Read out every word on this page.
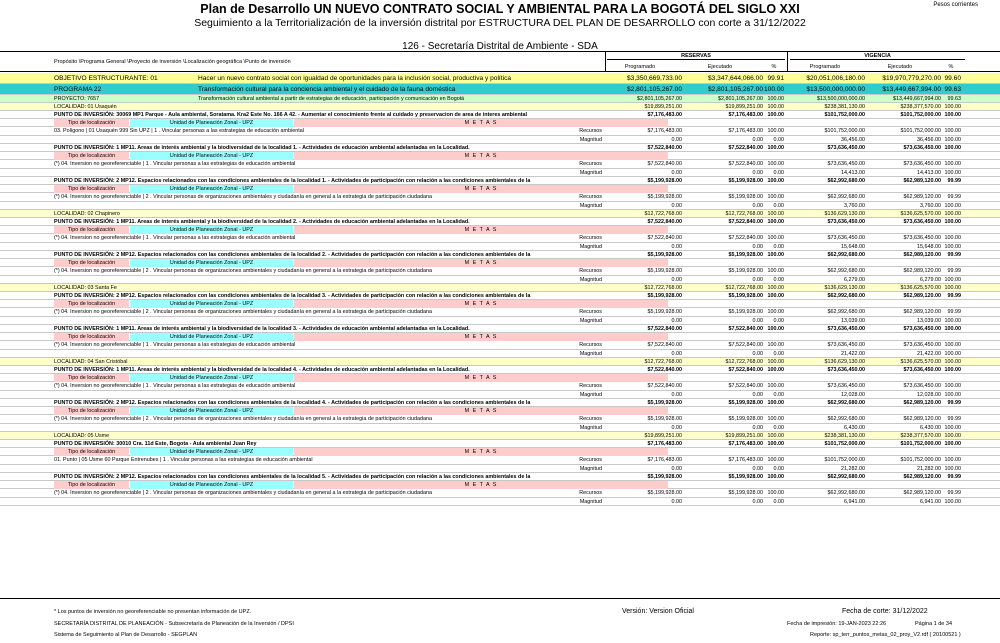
Plan de Desarrollo UN NUEVO CONTRATO SOCIAL Y AMBIENTAL PARA LA BOGOTÁ DEL SIGLO XXI
Seguimiento a la Territorialización de la inversión distrital por ESTRUCTURA DEL PLAN DE DESARROLLO con corte a 31/12/2022
Pesos corrientes
126 - Secretaría Distrital de Ambiente - SDA
Propósito \Programa General \Proyecto de inversión \Localización geográfica \Punto de inversión
RESERVAS	VIGENCIA
Programado	Ejecutado	%	Programado	Ejecutado	%
OBJETIVO ESTRUCTURANTE: 01	Hacer un nuevo contrato social con igualdad de oportunidades para la inclusión social, productiva y política	$3,350,669,733.00	$3,347,644,066.00 99.91	$20,051,006,180.00	$19,970,779,270.00 99.60
PROGRAMA 22	Transformación cultural para la conciencia ambiental y el cuidado de la fauna doméstica	$2,801,105,267.00	$2,801,105,267.00 100.00	$13,500,000,000.00	$13,449,667,994.00 99.63
PROYECTO: 7657	Transformación cultural ambiental a partir de estrategias de educación, participación y comunicación en Bogotá	$2,801,105,267.00	$2,801,105,267.00 100.00	$13,500,000,000.00	$13,449,667,994.00	99.63
LOCALIDAD: 01 Usaquén	$19,899,251.00	$19,899,251.00 100.00	$238,381,130.00	$238,377,570.00 100.00
PUNTO DE INVERSIÓN: 30069 MP1 Parque - Aula ambiental, Soratama. Kra2 Este No. 166 A 42. - Aumentar el conocimiento frente al cuidado y preservacion de area de interes ambiental	$7,176,483.00	$7,176,483.00 100.00	$101,752,000.00	$101,752,000.00 100.00
Tipo de localización	Unidad de Planeación Zonal - UPZ	M E T A S
03. Polígono | 01 Usaquén 999 Sin UPZ | 1 . Vincular personas a las estrategias de educación ambiental	$7,176,483.00	$7,176,483.00 100.00	$101,752,000.00	$101,752,000.00 100.00
Recursos
0.00	0.00	0.00	36,456.00	36,456.00 100.00
Magnitud
PUNTO DE INVERSIÓN: 1 MP11. Areas de interés ambiental y la biodiversidad de la localidad 1. - Actividades de educación ambiental adelantadas en la Localidad.	$7,522,840.00	$7,522,840.00 100.00	$73,636,450.00	$73,636,450.00 100.00
Tipo de localización	Unidad de Planeación Zonal - UPZ	M E T A S
(*) 04. Inversion no georeferenciable | 1 . Vincular personas a las estrategias de educación ambiental	$7,522,840.00	$7,522,840.00 100.00	$73,636,450.00	$73,636,450.00 100.00
Recursos
0.00	0.00	0.00	14,413.00	14,413.00 100.00
Magnitud
PUNTO DE INVERSIÓN: 2 MP12. Espacios relacionados con las condiciones ambientales de la localidad 1. - Actividades de participación con relación a las condiciones ambientales de la	$5,199,928.00	$5,199,928.00 100.00	$62,992,680.00	$62,989,120.00	99.99
Tipo de localización	Unidad de Planeación Zonal - UPZ	M E T A S
(*) 04. Inversion no georeferenciable | 2 . Vincular personas de organizaciones ambientales y ciudadanía en general a la estrategia de participación ciudadana	$5,199,928.00	$5,199,928.00 100.00	$62,992,680.00	$62,989,120.00	99.99
Recursos
0.00	0.00	0.00	3,760.00	3,760.00 100.00
Magnitud
LOCALIDAD: 02 Chapinero	$12,722,768.00	$12,722,768.00 100.00	$136,629,130.00	$136,625,570.00 100.00
PUNTO DE INVERSIÓN: 1 MP11. Areas de interés ambiental y la biodiversidad de la localidad 2. - Actividades de educación ambiental adelantadas en la Localidad.	$7,522,840.00	$7,522,840.00 100.00	$73,636,450.00	$73,636,450.00 100.00
Tipo de localización	Unidad de Planeación Zonal - UPZ	M E T A S
(*) 04. Inversion no georeferenciable | 1 . Vincular personas a las estrategias de educación ambiental	$7,522,840.00	$7,522,840.00 100.00	$73,636,450.00	$73,636,450.00 100.00
Recursos
0.00	0.00	0.00	15,648.00	15,648.00 100.00
Magnitud
PUNTO DE INVERSIÓN: 2 MP12. Espacios relacionados con las condiciones ambientales de la localidad 2. - Actividades de participación con relación a las condiciones ambientales de la	$5,199,928.00	$5,199,928.00 100.00	$62,992,680.00	$62,989,120.00	99.99
Tipo de localización	Unidad de Planeación Zonal - UPZ	M E T A S
(*) 04. Inversion no georeferenciable | 2 . Vincular personas de organizaciones ambientales y ciudadanía en general a la estrategia de participación ciudadana	$5,199,928.00	$5,199,928.00 100.00	$62,992,680.00	$62,989,120.00	99.99
Recursos
0.00	0.00	0.00	6,279.00	6,279.00 100.00
Magnitud
LOCALIDAD: 03 Santa Fe	$12,722,768.00	$12,722,768.00 100.00	$136,629,130.00	$136,625,570.00 100.00
PUNTO DE INVERSIÓN: 2 MP12. Espacios relacionados con las condiciones ambientales de la localidad 3. - Actividades de participación con relación a las condiciones ambientales de la	$5,199,928.00	$5,199,928.00 100.00	$62,992,680.00	$62,989,120.00	99.99
Tipo de localización	Unidad de Planeación Zonal - UPZ	M E T A S
(*) 04. Inversion no georeferenciable | 2 . Vincular personas de organizaciones ambientales y ciudadanía en general a la estrategia de participación ciudadana	$5,199,928.00	$5,199,928.00 100.00	$62,992,680.00	$62,989,120.00	99.99
Recursos
0.00	0.00	0.00	13,039.00	13,039.00 100.00
Magnitud
PUNTO DE INVERSIÓN: 1 MP11. Areas de interés ambiental y la biodiversidad de la localidad 3. - Actividades de educación ambiental adelantadas en la Localidad.	$7,522,840.00	$7,522,840.00 100.00	$73,636,450.00	$73,636,450.00 100.00
Tipo de localización	Unidad de Planeación Zonal - UPZ	M E T A S
(*) 04. Inversion no georeferenciable | 1 . Vincular personas a las estrategias de educación ambiental	$7,522,840.00	$7,522,840.00 100.00	$73,636,450.00	$73,636,450.00 100.00
Recursos
0.00	0.00	0.00	21,422.00	21,422.00 100.00
Magnitud
LOCALIDAD: 04 San Cristóbal	$12,722,768.00	$12,722,768.00 100.00	$136,629,130.00	$136,625,570.00 100.00
PUNTO DE INVERSIÓN: 1 MP11. Areas de interés ambiental y la biodiversidad de la localidad 4. - Actividades de educación ambiental adelantadas en la Localidad.	$7,522,840.00	$7,522,840.00 100.00	$73,636,450.00	$73,636,450.00 100.00
Tipo de localización	Unidad de Planeación Zonal - UPZ	M E T A S
(*) 04. Inversion no georeferenciable | 1 . Vincular personas a las estrategias de educación ambiental	$7,522,840.00	$7,522,840.00 100.00	$73,636,450.00	$73,636,450.00 100.00
Recursos
0.00	0.00	0.00	12,028.00	12,028.00 100.00
Magnitud
PUNTO DE INVERSIÓN: 2 MP12. Espacios relacionados con las condiciones ambientales de la localidad 4. - Actividades de participación con relación a las condiciones ambientales de la	$5,199,928.00	$5,199,928.00 100.00	$62,992,680.00	$62,989,120.00	99.99
Tipo de localización	Unidad de Planeación Zonal - UPZ	M E T A S
(*) 04. Inversion no georeferenciable | 2 . Vincular personas de organizaciones ambientales y ciudadanía en general a la estrategia de participación ciudadana	$5,199,928.00	$5,199,928.00 100.00	$62,992,680.00	$62,989,120.00	99.99
Recursos
0.00	0.00	0.00	6,430.00	6,430.00 100.00
Magnitud
LOCALIDAD: 05 Usme	$19,899,251.00	$19,899,251.00 100.00	$238,381,130.00	$238,377,570.00 100.00
PUNTO DE INVERSIÓN: 30010 Cra. 11d Este, Bogota - Aula ambiental Juan Rey	$7,176,483.00	$7,176,483.00 100.00	$101,752,000.00	$101,752,000.00 100.00
Tipo de localización	Unidad de Planeación Zonal - UPZ	M E T A S
01. Punto | 05 Usme 60 Parque Entrenubes | 1 . Vincular personas a las estrategias de educación ambiental	$7,176,483.00	$7,176,483.00 100.00	$101,752,000.00	$101,752,000.00 100.00
Recursos
0.00	0.00	0.00	21,282.00	21,282.00 100.00
Magnitud
PUNTO DE INVERSIÓN: 2 MP12. Espacios relacionados con las condiciones ambientales de la localidad 5. - Actividades de participación con relación a las condiciones ambientales de la	$5,199,928.00	$5,199,928.00 100.00	$62,992,680.00	$62,989,120.00	99.99
Tipo de localización	Unidad de Planeación Zonal - UPZ	M E T A S
(*) 04. Inversion no georeferenciable | 2 . Vincular personas de organizaciones ambientales y ciudadanía en general a la estrategia de participación ciudadana	$5,199,928.00	$5,199,928.00 100.00	$62,992,680.00	$62,989,120.00	99.99
Recursos
0.00	0.00	0.00	6,941.00	6,941.00 100.00
Magnitud
* Los puntos de inversión no georeferenciable no presentan información de UPZ.
SECRETARÍA DISTRITAL DE PLANEACIÓN - Subsecretaría de Planeación de la Inversión / DPSI
Sistema de Seguimiento al Plan de Desarrollo - SEGPLAN
Versión: Version Oficial	Fecha de corte: 31/12/2022
Fecha de impresión: 19-JAN-2023 22:26	Página 1 de 34
Reporte: sp_terr_puntos_metas_02_proy_V2.rdf ( 20100521 )
